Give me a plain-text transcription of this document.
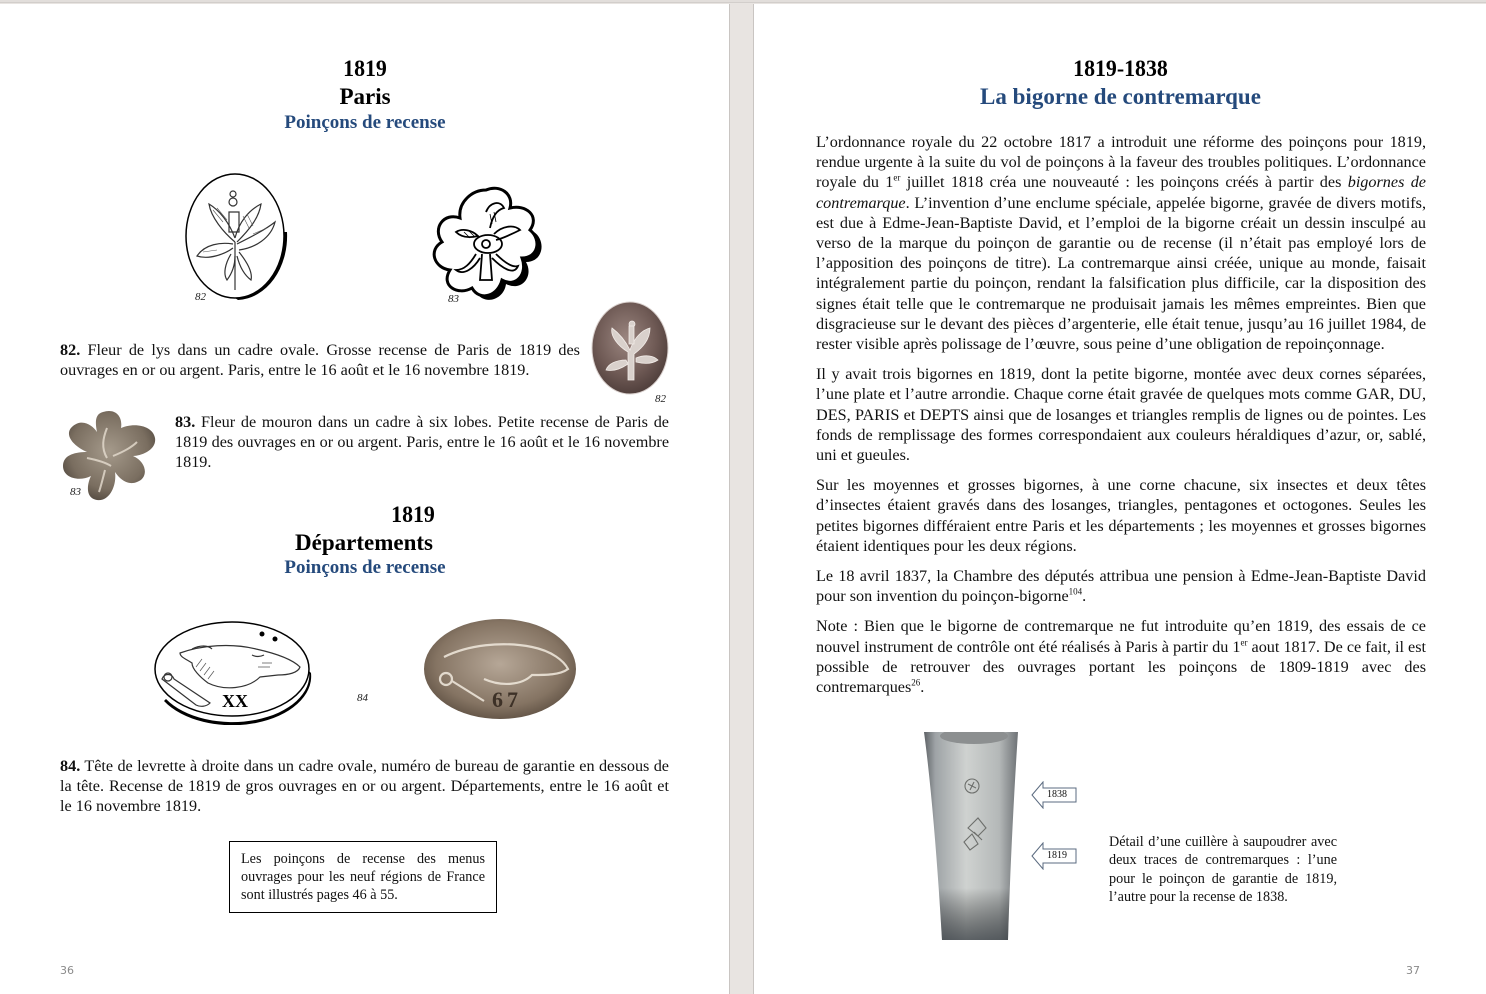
1819
Paris
Poinçons de recense
82	83
82
82. Fleur de lys dans un cadre ovale. Grosse recense de Paris de 1819 des ouvrages en or ou argent. Paris, entre le 16 août et le 16 novembre 1819.
83
83. Fleur de mouron dans un cadre à six lobes. Petite recense de Paris de 1819 des ouvrages en or ou argent. Paris, entre le 16 août et le 16 novembre 1819.
1819
Départements
Poinçons de recense
XX	84	67
84. Tête de levrette à droite dans un cadre ovale, numéro de bureau de garantie en dessous de la tête. Recense de 1819 de gros ouvrages en or ou argent. Départements, entre le 16 août et le 16 novembre 1819.
Les poinçons de recense des menus ouvrages pour les neuf régions de France sont illustrés pages 46 à 55.
36
1819-1838
La bigorne de contremarque

L’ordonnance royale du 22 octobre 1817 a introduit une réforme des poinçons pour 1819, rendue urgente à la suite du vol de poinçons à la faveur des troubles politiques. L’ordonnance royale du 1er juillet 1818 créa une nouveauté : les poinçons créés à partir des bigornes de contremarque. L’invention d’une enclume spéciale, appelée bigorne, gravée de divers motifs, est due à Edme-Jean-Baptiste David, et l’emploi de la bigorne créait un dessin insculpé au verso de la marque du poinçon de garantie ou de recense (il n’était pas employé lors de l’apposition des poinçons de titre). La contremarque ainsi créée, unique au monde, faisait intégralement partie du poinçon, rendant la falsification plus difficile, car la disposition des signes était telle que le contremarque ne produisait jamais les mêmes empreintes. Bien que disgracieuse sur le devant des pièces d’argenterie, elle était tenue, jusqu’au 16 juillet 1984, de rester visible après polissage de l’œuvre, sous peine d’une obligation de repoinçonnage.

Il y avait trois bigornes en 1819, dont la petite bigorne, montée avec deux cornes séparées, l’une plate et l’autre arrondie. Chaque corne était gravée de quelques mots comme GAR, DU, DES, PARIS et DEPTS ainsi que de losanges et triangles remplis de lignes ou de pointes. Les fonds de remplissage des formes correspondaient aux couleurs héraldiques d’azur, or, sablé, uni et gueules.

Sur les moyennes et grosses bigornes, à une corne chacune, six insectes et deux têtes d’insectes étaient gravés dans des losanges, triangles, pentagones et octogones. Seules les petites bigornes différaient entre Paris et les départements ; les moyennes et grosses bigornes étaient identiques pour les deux régions.

Le 18 avril 1837, la Chambre des députés attribua une pension à Edme-Jean-Baptiste David pour son invention du poinçon-bigorne$^{104}$.

Note : Bien que le bigorne de contremarque ne fut introduite qu’en 1819, des essais de ce nouvel instrument de contrôle ont été réalisés à Paris à partir du 1er aout 1817. De ce fait, il est possible de retrouver des ouvrages portant les poinçons de 1809-1819 avec des contremarques$^{26}$.

1838
1819
Détail d’une cuillère à saupoudrer avec deux traces de contremarques : l’une pour le poinçon de garantie de 1819, l’autre pour la recense de 1838.
37
